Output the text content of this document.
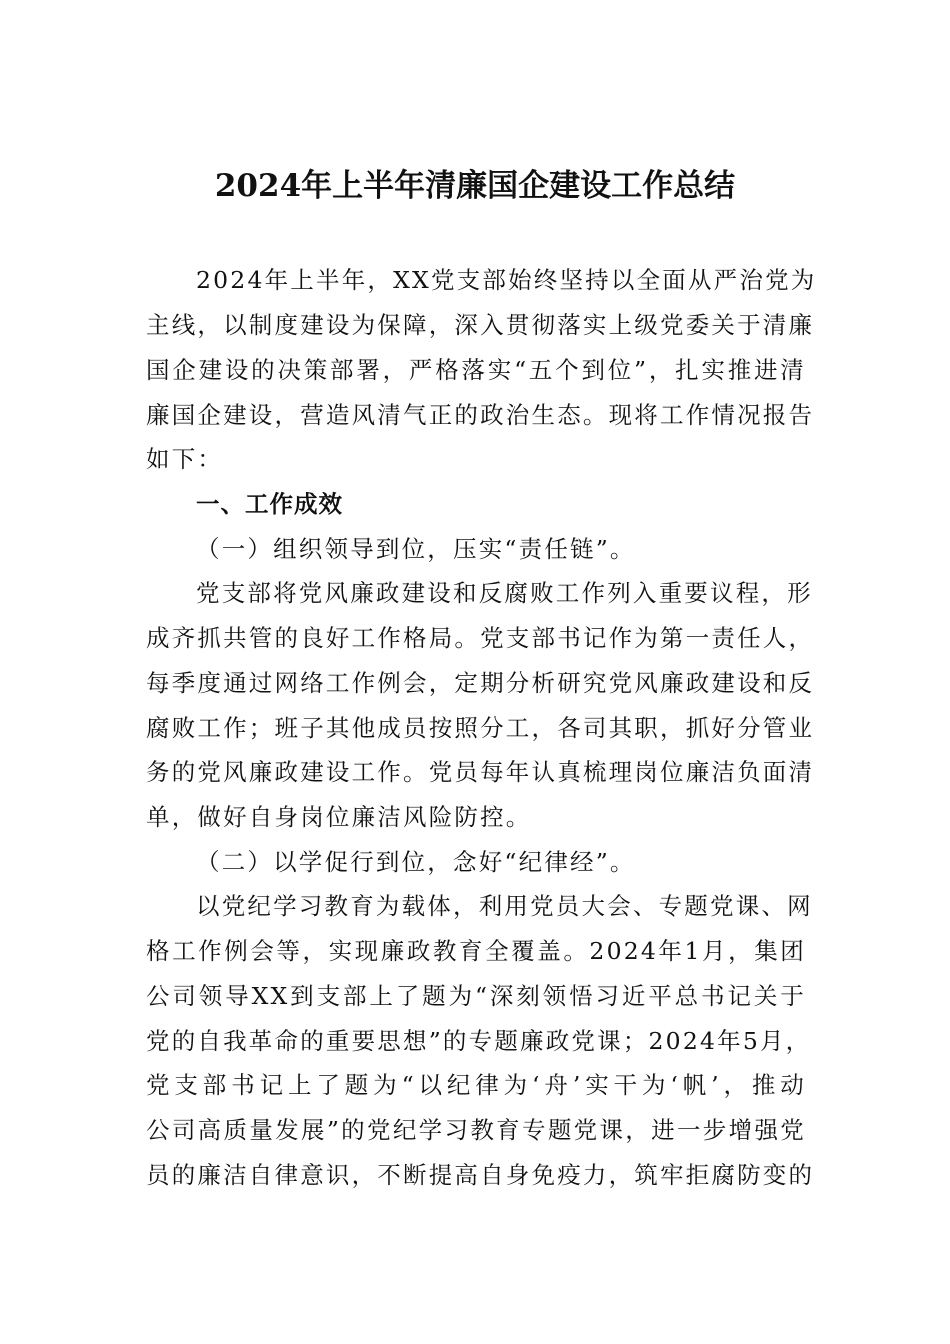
2024年上半年清廉国企建设工作总结
2024年上半年，XX党支部始终坚持以全面从严治党为
主线，以制度建设为保障，深入贯彻落实上级党委关于清廉
国企建设的决策部署，严格落实“五个到位”，扎实推进清
廉国企建设，营造风清气正的政治生态。现将工作情况报告
如下：
一、工作成效
（一）组织领导到位，压实“责任链”。
党支部将党风廉政建设和反腐败工作列入重要议程，形
成齐抓共管的良好工作格局。党支部书记作为第一责任人，
每季度通过网络工作例会，定期分析研究党风廉政建设和反
腐败工作；班子其他成员按照分工，各司其职，抓好分管业
务的党风廉政建设工作。党员每年认真梳理岗位廉洁负面清
单，做好自身岗位廉洁风险防控。
（二）以学促行到位，念好“纪律经”。
以党纪学习教育为载体，利用党员大会、专题党课、网
格工作例会等，实现廉政教育全覆盖。2024年1月，集团
公司领导XX到支部上了题为“深刻领悟习近平总书记关于
党的自我革命的重要思想”的专题廉政党课；2024年5月，
党支部书记上了题为“以纪律为‘舟’实干为‘帆’，推动
公司高质量发展”的党纪学习教育专题党课，进一步增强党
员的廉洁自律意识，不断提高自身免疫力，筑牢拒腐防变的
